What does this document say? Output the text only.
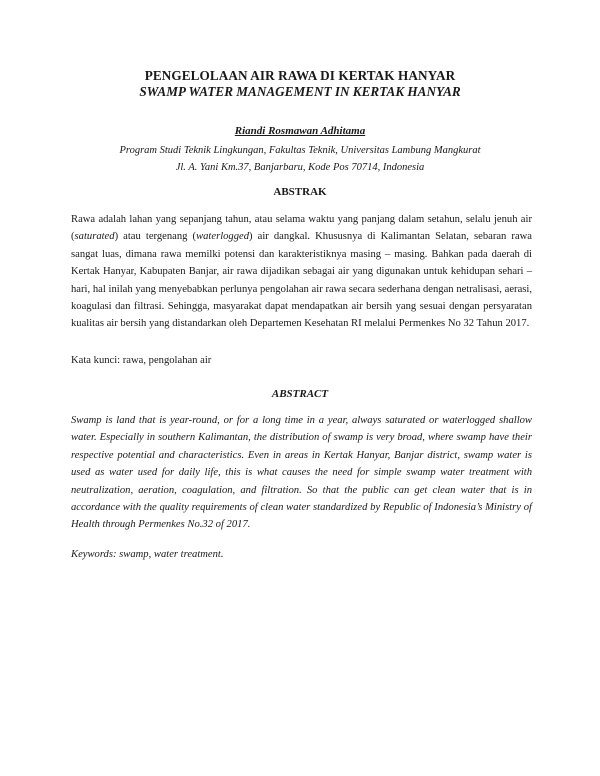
PENGELOLAAN AIR RAWA DI KERTAK HANYAR
SWAMP WATER MANAGEMENT IN KERTAK HANYAR
Riandi Rosmawan Adhitama
Program Studi Teknik Lingkungan, Fakultas Teknik, Universitas Lambung Mangkurat
Jl. A. Yani Km.37, Banjarbaru, Kode Pos 70714, Indonesia
ABSTRAK
Rawa adalah lahan yang sepanjang tahun, atau selama waktu yang panjang dalam setahun, selalu jenuh air (saturated) atau tergenang (waterlogged) air dangkal. Khususnya di Kalimantan Selatan, sebaran rawa sangat luas, dimana rawa memilki potensi dan karakteristiknya masing – masing. Bahkan pada daerah di Kertak Hanyar, Kabupaten Banjar, air rawa dijadikan sebagai air yang digunakan untuk kehidupan sehari – hari, hal inilah yang menyebabkan perlunya pengolahan air rawa secara sederhana dengan netralisasi, aerasi, koagulasi dan filtrasi. Sehingga, masyarakat dapat mendapatkan air bersih yang sesuai dengan persyaratan kualitas air bersih yang distandarkan oleh Departemen Kesehatan RI melalui Permenkes No 32 Tahun 2017.
Kata kunci: rawa, pengolahan air
ABSTRACT
Swamp is land that is year-round, or for a long time in a year, always saturated or waterlogged shallow water. Especially in southern Kalimantan, the distribution of swamp is very broad, where swamp have their respective potential and characteristics. Even in areas in Kertak Hanyar, Banjar district, swamp water is used as water used for daily life, this is what causes the need for simple swamp water treatment with neutralization, aeration, coagulation, and filtration. So that the public can get clean water that is in accordance with the quality requirements of clean water standardized by Republic of Indonesia’s Ministry of Health through Permenkes No.32 of 2017.
Keywords: swamp, water treatment.
